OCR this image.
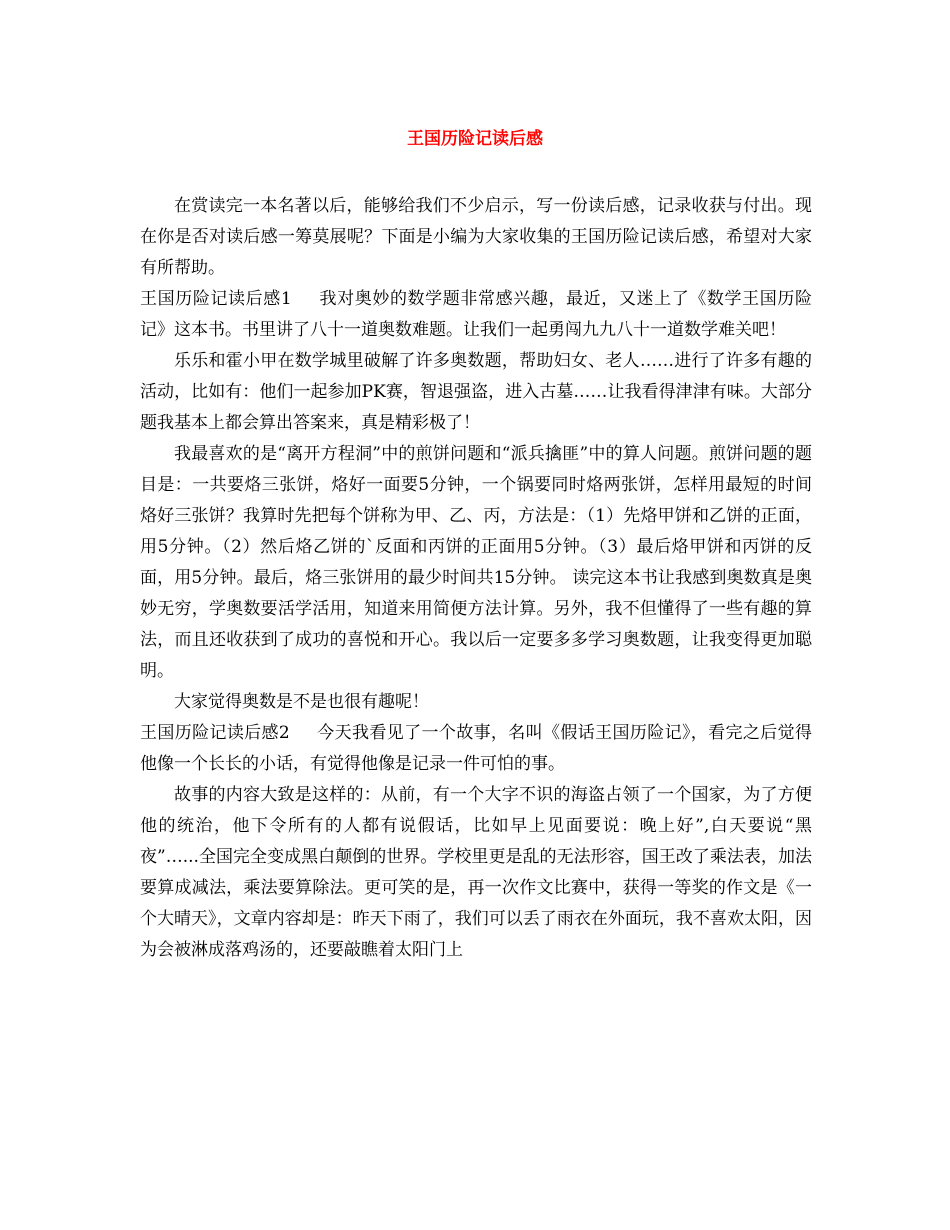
王国历险记读后感

在赏读完一本名著以后，能够给我们不少启示，写一份读后感，记录收获与付出。现在你是否对读后感一筹莫展呢？下面是小编为大家收集的王国历险记读后感，希望对大家有所帮助。

王国历险记读后感1 我对奥妙的数学题非常感兴趣，最近，又迷上了《数学王国历险记》这本书。书里讲了八十一道奥数难题。让我们一起勇闯九九八十一道数学难关吧！

乐乐和霍小甲在数学城里破解了许多奥数题，帮助妇女、老人……进行了许多有趣的活动，比如有：他们一起参加PK赛，智退强盗，进入古墓……让我看得津津有味。大部分题我基本上都会算出答案来，真是精彩极了！

我最喜欢的是“离开方程洞”中的煎饼问题和“派兵擒匪”中的算人问题。煎饼问题的题目是：一共要烙三张饼，烙好一面要5分钟，一个锅要同时烙两张饼，怎样用最短的时间烙好三张饼？我算时先把每个饼称为甲、乙、丙，方法是：（1）先烙甲饼和乙饼的正面，用5分钟。（2）然后烙乙饼的`反面和丙饼的正面用5分钟。（3）最后烙甲饼和丙饼的反面，用5分钟。最后，烙三张饼用的最少时间共15分钟。 读完这本书让我感到奥数真是奥妙无穷，学奥数要活学活用，知道来用简便方法计算。另外，我不但懂得了一些有趣的算法，而且还收获到了成功的喜悦和开心。我以后一定要多多学习奥数题，让我变得更加聪明。

大家觉得奥数是不是也很有趣呢！

王国历险记读后感2 今天我看见了一个故事，名叫《假话王国历险记》，看完之后觉得他像一个长长的小话，有觉得他像是记录一件可怕的事。

故事的内容大致是这样的：从前，有一个大字不识的海盗占领了一个国家，为了方便他的统治，他下令所有的人都有说假话，比如早上见面要说：晚上好”,白天要说“黑夜”…...全国完全变成黑白颠倒的世界。学校里更是乱的无法形容，国王改了乘法表，加法要算成减法，乘法要算除法。更可笑的是，再一次作文比赛中，获得一等奖的作文是《一个大晴天》，文章内容却是：昨天下雨了，我们可以丢了雨衣在外面玩，我不喜欢太阳，因为会被淋成落鸡汤的，还要敲瞧着太阳门上
